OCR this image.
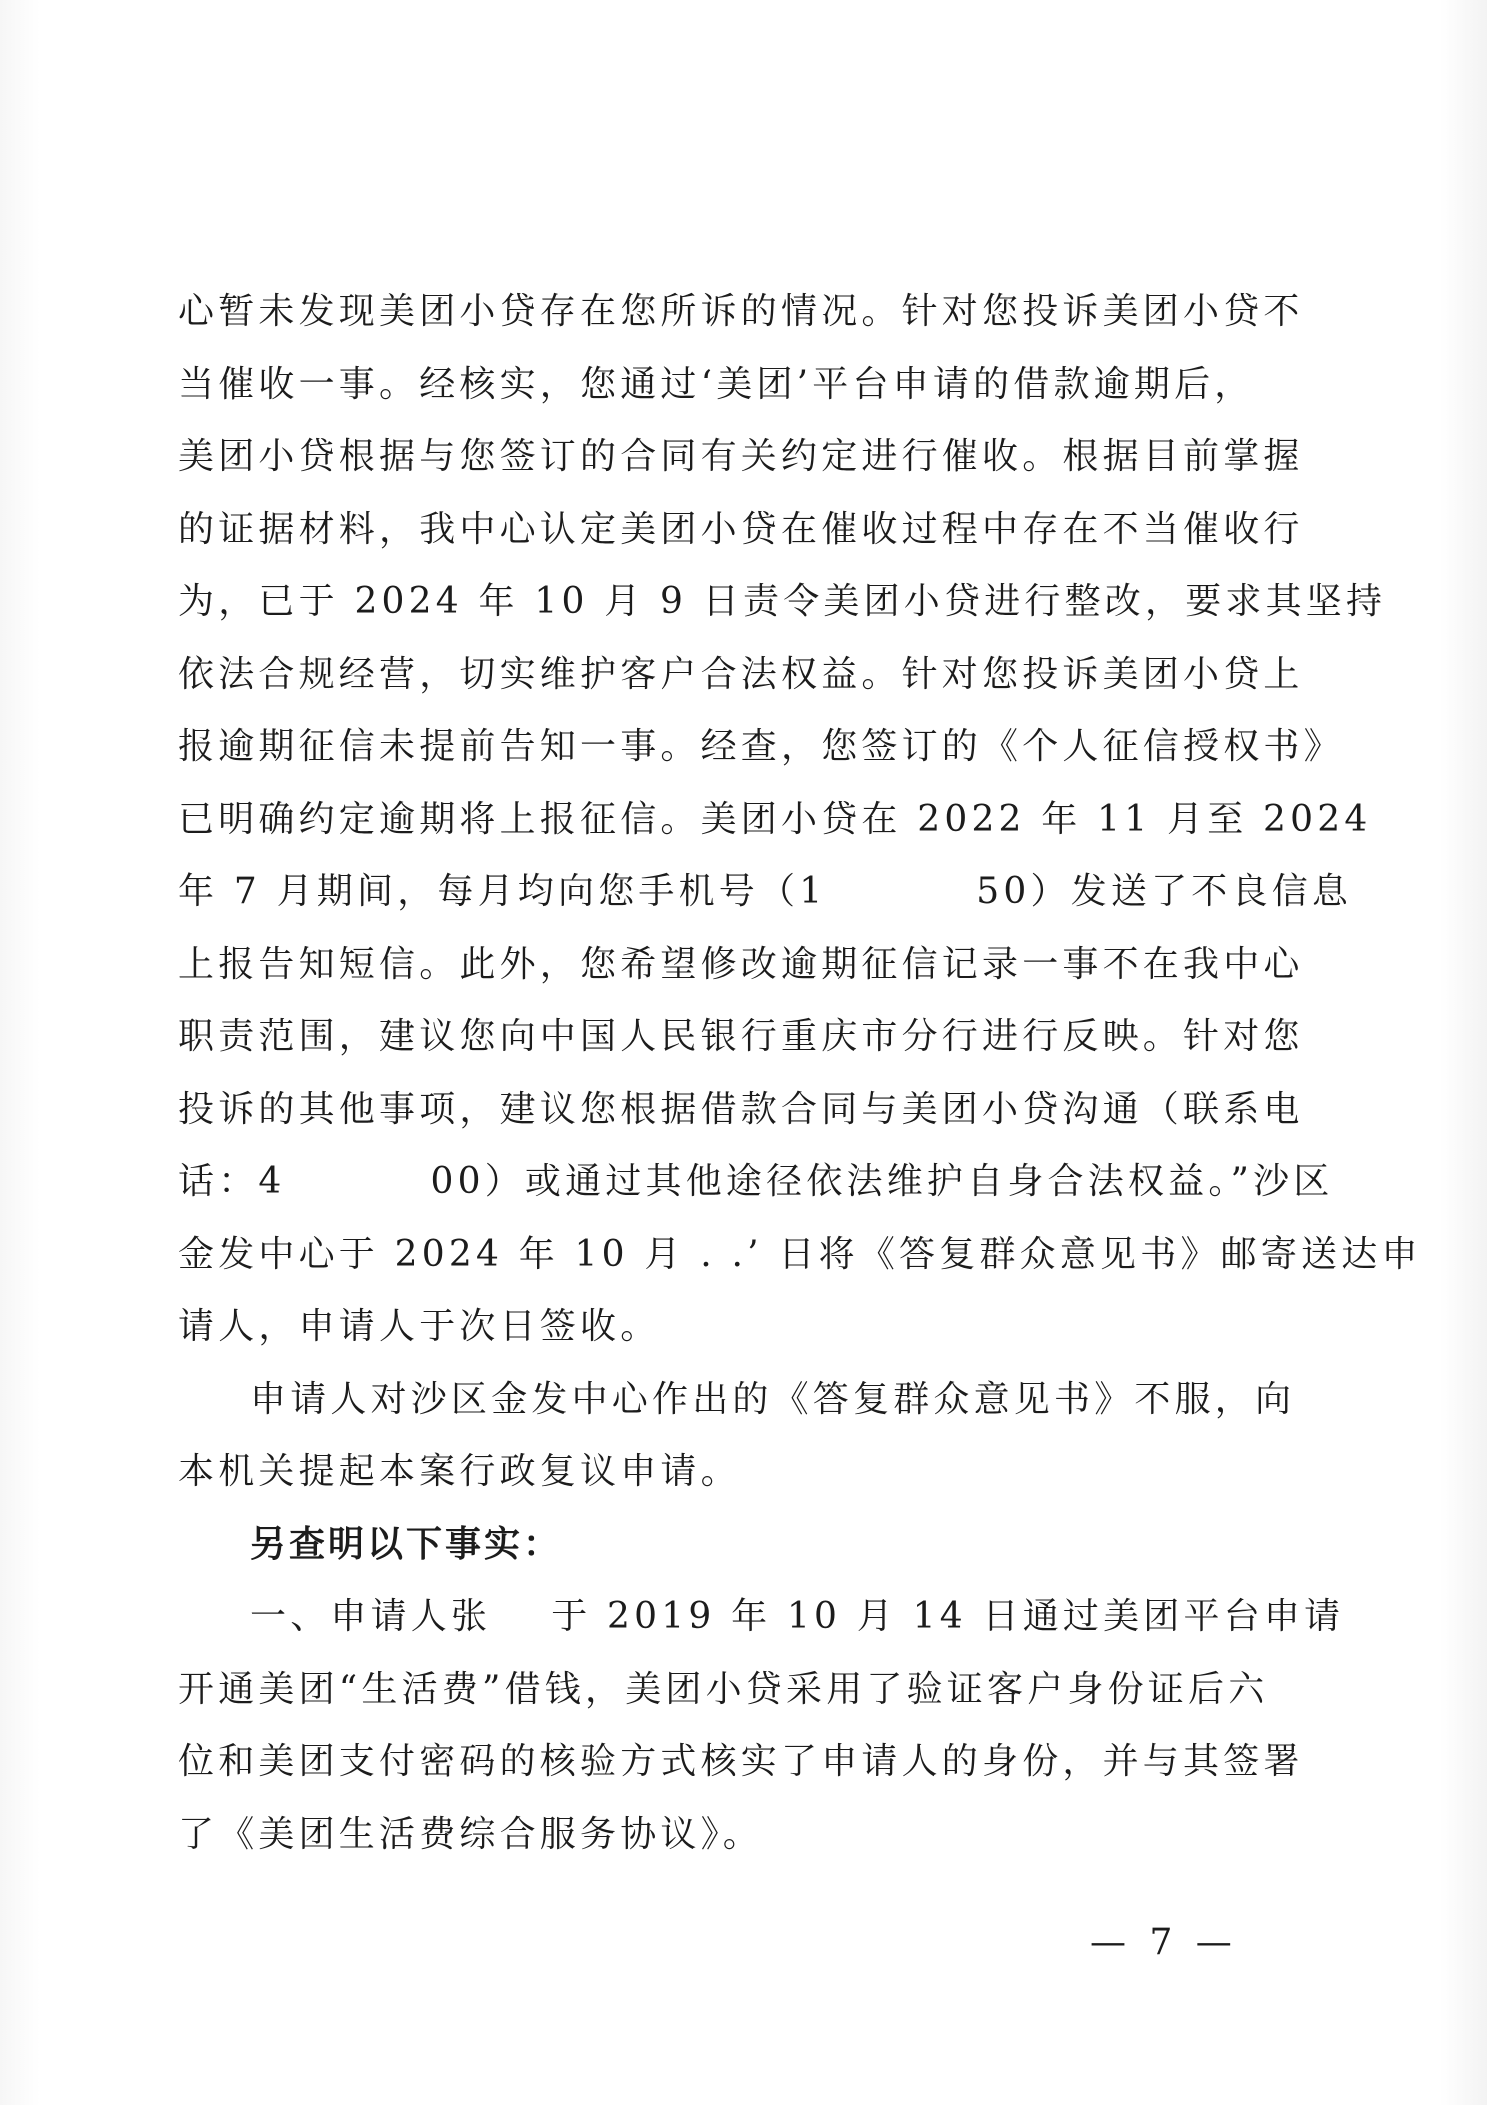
心暂未发现美团小贷存在您所诉的情况。针对您投诉美团小贷不
当催收一事。经核实，您通过‘美团’平台申请的借款逾期后，
美团小贷根据与您签订的合同有关约定进行催收。根据目前掌握
的证据材料，我中心认定美团小贷在催收过程中存在不当催收行
为，已于 2024 年 10 月 9 日责令美团小贷进行整改，要求其坚持
依法合规经营，切实维护客户合法权益。针对您投诉美团小贷上
报逾期征信未提前告知一事。经查，您签订的《个人征信授权书》
已明确约定逾期将上报征信。美团小贷在 2022 年 11 月至 2024
年 7 月期间，每月均向您手机号（1	50）发送了不良信息
上报告知短信。此外，您希望修改逾期征信记录一事不在我中心
职责范围，建议您向中国人民银行重庆市分行进行反映。针对您
投诉的其他事项，建议您根据借款合同与美团小贷沟通（联系电
话：4	00）或通过其他途径依法维护自身合法权益。”沙区
金发中心于 2024 年 10 月 . .’ 日将《答复群众意见书》邮寄送达申
请人，申请人于次日签收。
申请人对沙区金发中心作出的《答复群众意见书》不服，向
本机关提起本案行政复议申请。
另查明以下事实：
一、申请人张 于 2019 年 10 月 14 日通过美团平台申请
开通美团“生活费”借钱，美团小贷采用了验证客户身份证后六
位和美团支付密码的核验方式核实了申请人的身份，并与其签署
了《美团生活费综合服务协议》。
— 7 —
